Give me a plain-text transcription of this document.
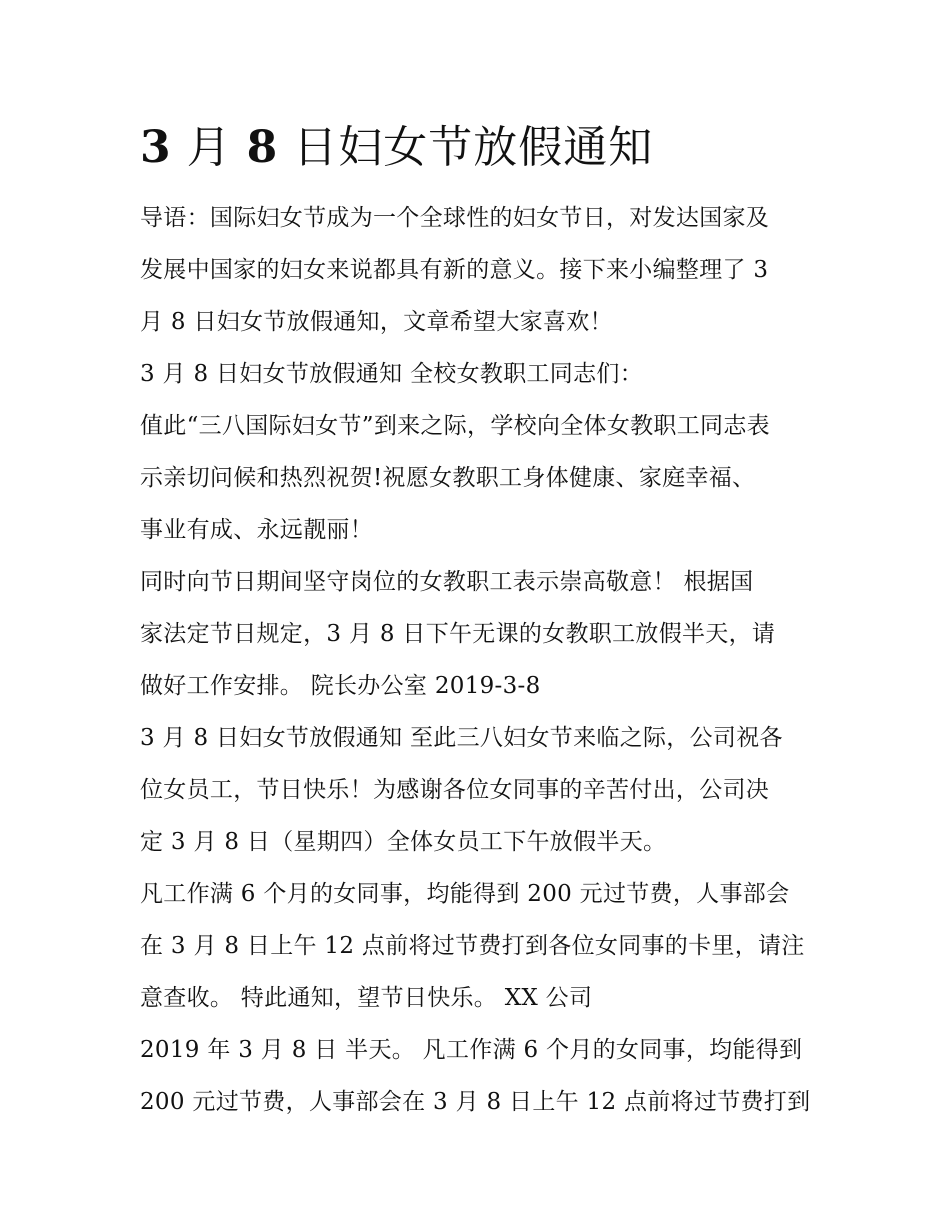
3 月 8 日妇女节放假通知
导语：国际妇女节成为一个全球性的妇女节日，对发达国家及
发展中国家的妇女来说都具有新的意义。接下来小编整理了 3
月 8 日妇女节放假通知，文章希望大家喜欢！
3 月 8 日妇女节放假通知 全校女教职工同志们：
值此“三八国际妇女节”到来之际，学校向全体女教职工同志表
示亲切问候和热烈祝贺!祝愿女教职工身体健康、家庭幸福、
事业有成、永远靓丽！
同时向节日期间坚守岗位的女教职工表示崇高敬意！ 根据国
家法定节日规定，3 月 8 日下午无课的女教职工放假半天，请
做好工作安排。 院长办公室 2019-3-8
3 月 8 日妇女节放假通知 至此三八妇女节来临之际，公司祝各
位女员工，节日快乐！为感谢各位女同事的辛苦付出，公司决
定 3 月 8 日（星期四）全体女员工下午放假半天。
凡工作满 6 个月的女同事，均能得到 200 元过节费，人事部会
在 3 月 8 日上午 12 点前将过节费打到各位女同事的卡里，请注
意查收。 特此通知，望节日快乐。 XX 公司
2019 年 3 月 8 日 半天。 凡工作满 6 个月的女同事，均能得到
200 元过节费，人事部会在 3 月 8 日上午 12 点前将过节费打到
